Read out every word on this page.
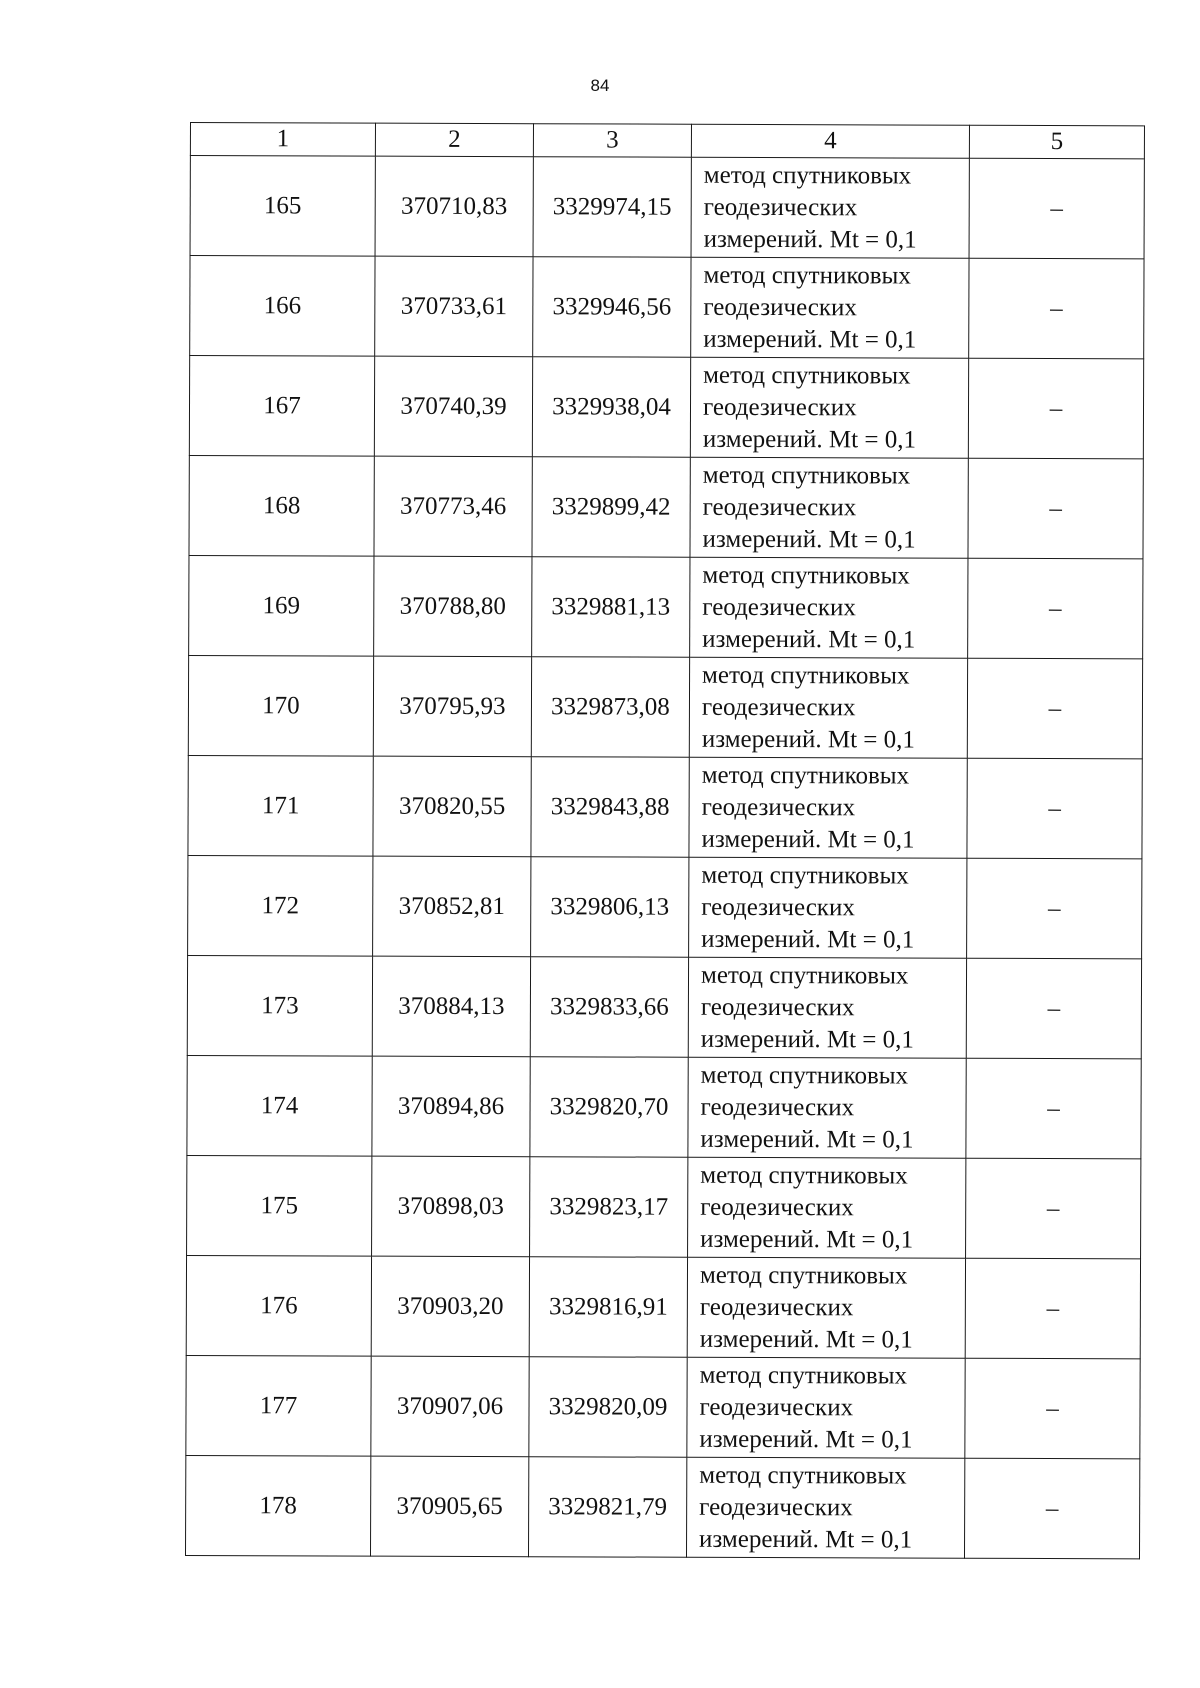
84
1	2	3	4	5
165	370710,83	3329974,15	метод спутниковых
геодезических
измерений. Mt = 0,1	–
166	370733,61	3329946,56	метод спутниковых
геодезических
измерений. Mt = 0,1	–
167	370740,39	3329938,04	метод спутниковых
геодезических
измерений. Mt = 0,1	–
168	370773,46	3329899,42	метод спутниковых
геодезических
измерений. Mt = 0,1	–
169	370788,80	3329881,13	метод спутниковых
геодезических
измерений. Mt = 0,1	–
170	370795,93	3329873,08	метод спутниковых
геодезических
измерений. Mt = 0,1	–
171	370820,55	3329843,88	метод спутниковых
геодезических
измерений. Mt = 0,1	–
172	370852,81	3329806,13	метод спутниковых
геодезических
измерений. Mt = 0,1	–
173	370884,13	3329833,66	метод спутниковых
геодезических
измерений. Mt = 0,1	–
174	370894,86	3329820,70	метод спутниковых
геодезических
измерений. Mt = 0,1	–
175	370898,03	3329823,17	метод спутниковых
геодезических
измерений. Mt = 0,1	–
176	370903,20	3329816,91	метод спутниковых
геодезических
измерений. Mt = 0,1	–
177	370907,06	3329820,09	метод спутниковых
геодезических
измерений. Mt = 0,1	–
178	370905,65	3329821,79	метод спутниковых
геодезических
измерений. Mt = 0,1	–
